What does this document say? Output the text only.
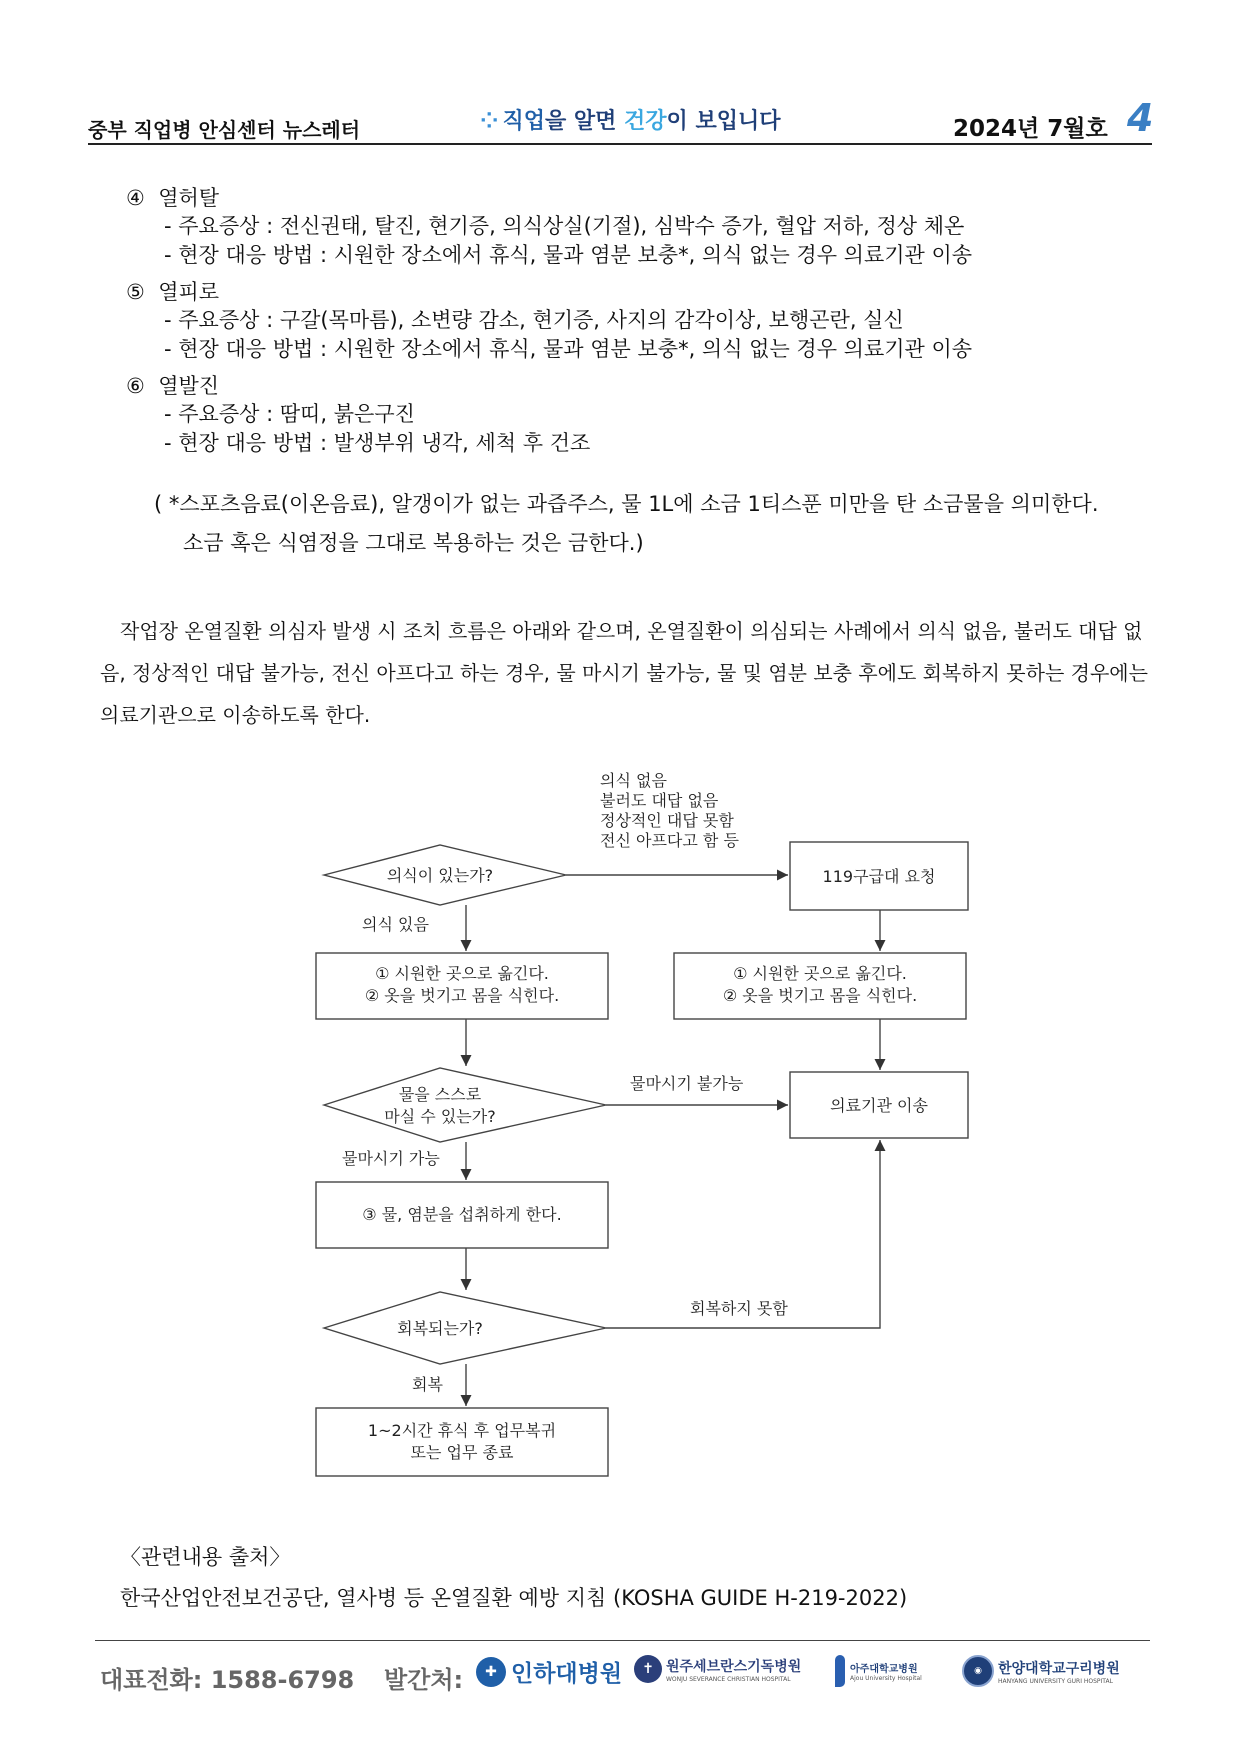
중부 직업병 안심센터 뉴스레터	⁘ 직업을 알면 건강이 보입니다	2024년 7월호 4
④ 열허탈
- 주요증상 : 전신권태, 탈진, 현기증, 의식상실(기절), 심박수 증가, 혈압 저하, 정상 체온
- 현장 대응 방법 : 시원한 장소에서 휴식, 물과 염분 보충*, 의식 없는 경우 의료기관 이송
⑤ 열피로
- 주요증상 : 구갈(목마름), 소변량 감소, 현기증, 사지의 감각이상, 보행곤란, 실신
- 현장 대응 방법 : 시원한 장소에서 휴식, 물과 염분 보충*, 의식 없는 경우 의료기관 이송
⑥ 열발진
- 주요증상 : 땀띠, 붉은구진
- 현장 대응 방법 : 발생부위 냉각, 세척 후 건조
( *스포츠음료(이온음료), 알갱이가 없는 과즙주스, 물 1L에 소금 1티스푼 미만을 탄 소금물을 의미한다.
소금 혹은 식염정을 그대로 복용하는 것은 금한다.)
작업장 온열질환 의심자 발생 시 조치 흐름은 아래와 같으며, 온열질환이 의심되는 사례에서 의식 없음, 불러도 대답 없음, 정상적인 대답 불가능, 전신 아프다고 하는 경우, 물 마시기 불가능, 물 및 염분 보충 후에도 회복하지 못하는 경우에는 의료기관으로 이송하도록 한다.
의식이 있는가?
의식 없음
불러도 대답 없음
정상적인 대답 못함
전신 아프다고 함 등
119구급대 요청
의식 있음
① 시원한 곳으로 옮긴다.
② 옷을 벗기고 몸을 식힌다.
① 시원한 곳으로 옮긴다.
② 옷을 벗기고 몸을 식힌다.
물을 스스로
마실 수 있는가?
물마시기 불가능
의료기관 이송
물마시기 가능
③ 물, 염분을 섭취하게 한다.
회복되는가?
회복하지 못함
회복
1~2시간 휴식 후 업무복귀
또는 업무 종료
〈관련내용 출처〉
한국산업안전보건공단, 열사병 등 온열질환 예방 지침 (KOSHA GUIDE H-219-2022)
대표전화: 1588-6798 발간처:	✚ 인하대병원	✝ 원주세브란스기독병원
WONJU SEVERANCE CHRISTIAN HOSPITAL
아주대학교병원
Ajou University Hospital
◉	한양대학교구리병원
HANYANG UNIVERSITY GURI HOSPITAL
